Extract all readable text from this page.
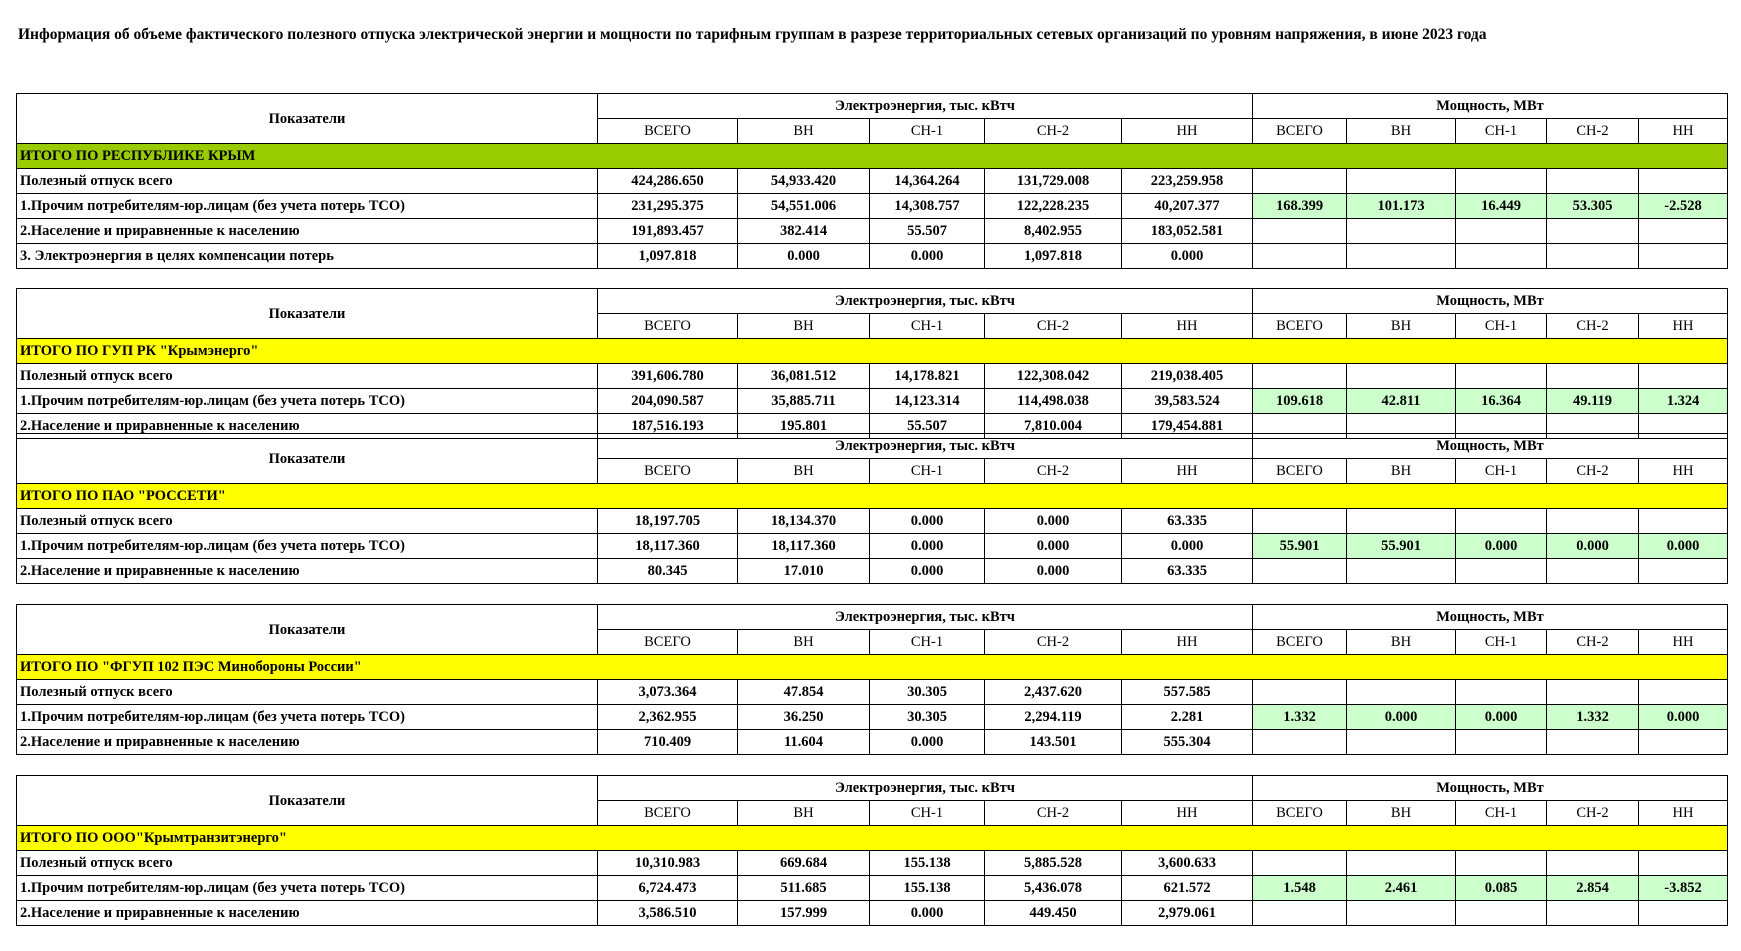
Информация об объеме фактического полезного отпуска электрической энергии и мощности по тарифным группам в разрезе территориальных сетевых организаций по уровням напряжения, в июне 2023 года
Показатели	Электроэнергия, тыс. кВтч					Мощность, МВт				
	ВСЕГО	ВН	СН-1	СН-2	НН	ВСЕГО	ВН	СН-1	СН-2	НН
ИТОГО ПО РЕСПУБЛИКЕ КРЫМ										
Полезный отпуск всего	424,286.650	54,933.420	14,364.264	131,729.008	223,259.958					
1.Прочим потребителям-юр.лицам (без учета потерь ТСО)	231,295.375	54,551.006	14,308.757	122,228.235	40,207.377	168.399	101.173	16.449	53.305	-2.528
2.Население и приравненные к населению	191,893.457	382.414	55.507	8,402.955	183,052.581					
3. Электроэнергия в целях компенсации потерь	1,097.818	0.000	0.000	1,097.818	0.000					
Показатели	Электроэнергия, тыс. кВтч					Мощность, МВт				
	ВСЕГО	ВН	СН-1	СН-2	НН	ВСЕГО	ВН	СН-1	СН-2	НН
ИТОГО ПО ГУП РК "Крымэнерго"										
Полезный отпуск всего	391,606.780	36,081.512	14,178.821	122,308.042	219,038.405					
1.Прочим потребителям-юр.лицам (без учета потерь ТСО)	204,090.587	35,885.711	14,123.314	114,498.038	39,583.524	109.618	42.811	16.364	49.119	1.324
2.Население и приравненные к населению	187,516.193	195.801	55.507	7,810.004	179,454.881					
Показатели	Электроэнергия, тыс. кВтч					Мощность, МВт				
	ВСЕГО	ВН	СН-1	СН-2	НН	ВСЕГО	ВН	СН-1	СН-2	НН
ИТОГО ПО ПАО "РОССЕТИ"										
Полезный отпуск всего	18,197.705	18,134.370	0.000	0.000	63.335					
1.Прочим потребителям-юр.лицам (без учета потерь ТСО)	18,117.360	18,117.360	0.000	0.000	0.000	55.901	55.901	0.000	0.000	0.000
2.Население и приравненные к населению	80.345	17.010	0.000	0.000	63.335					
Показатели	Электроэнергия, тыс. кВтч					Мощность, МВт				
	ВСЕГО	ВН	СН-1	СН-2	НН	ВСЕГО	ВН	СН-1	СН-2	НН
ИТОГО ПО "ФГУП 102 ПЭС Минобороны России"										
Полезный отпуск всего	3,073.364	47.854	30.305	2,437.620	557.585					
1.Прочим потребителям-юр.лицам (без учета потерь ТСО)	2,362.955	36.250	30.305	2,294.119	2.281	1.332	0.000	0.000	1.332	0.000
2.Население и приравненные к населению	710.409	11.604	0.000	143.501	555.304					
Показатели	Электроэнергия, тыс. кВтч					Мощность, МВт				
	ВСЕГО	ВН	СН-1	СН-2	НН	ВСЕГО	ВН	СН-1	СН-2	НН
ИТОГО ПО ООО"Крымтранзитэнерго"										
Полезный отпуск всего	10,310.983	669.684	155.138	5,885.528	3,600.633					
1.Прочим потребителям-юр.лицам (без учета потерь ТСО)	6,724.473	511.685	155.138	5,436.078	621.572	1.548	2.461	0.085	2.854	-3.852
2.Население и приравненные к населению	3,586.510	157.999	0.000	449.450	2,979.061					
